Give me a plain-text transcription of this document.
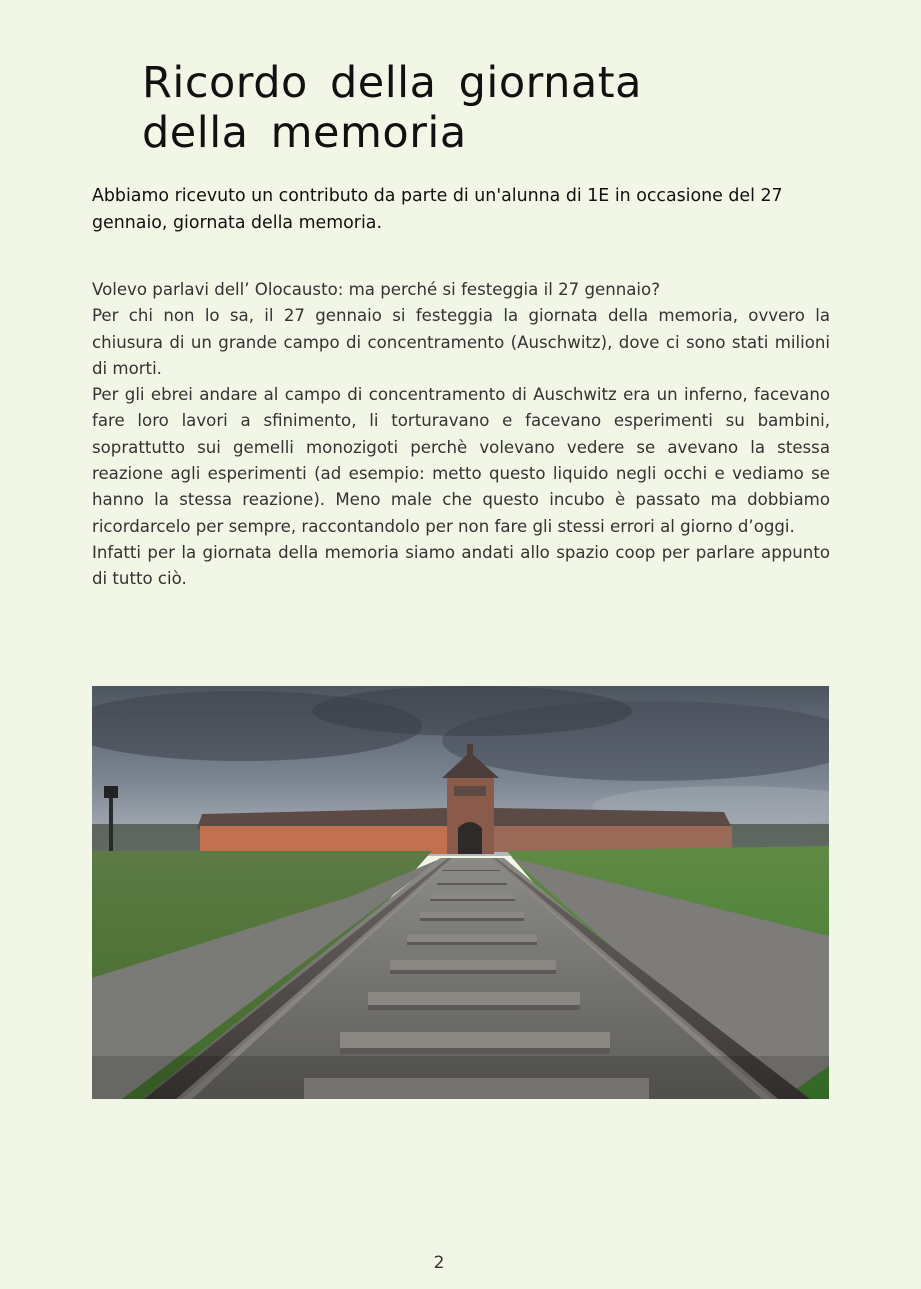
Ricordo della giornata
della memoria

Abbiamo ricevuto un contributo da parte di un'alunna di 1E in occasione del 27 gennaio, giornata della memoria.

Volevo parlavi dell’ Olocausto: ma perché si festeggia il 27 gennaio?

Per chi non lo sa, il 27 gennaio si festeggia la giornata della memoria, ovvero la chiusura di un grande campo di concentramento (Auschwitz), dove ci sono stati milioni di morti.

Per gli ebrei andare al campo di concentramento di Auschwitz era un inferno, facevano fare loro lavori a sfinimento, li torturavano e facevano esperimenti su bambini, soprattutto sui gemelli monozigoti perchè volevano vedere se avevano la stessa reazione agli esperimenti (ad esempio: metto questo liquido negli occhi e vediamo se hanno la stessa reazione). Meno male che questo incubo è passato ma dobbiamo ricordarcelo per sempre, raccontandolo per non fare gli stessi errori al giorno d’oggi.

Infatti per la giornata della memoria siamo andati allo spazio coop per parlare appunto di tutto ciò.

2
